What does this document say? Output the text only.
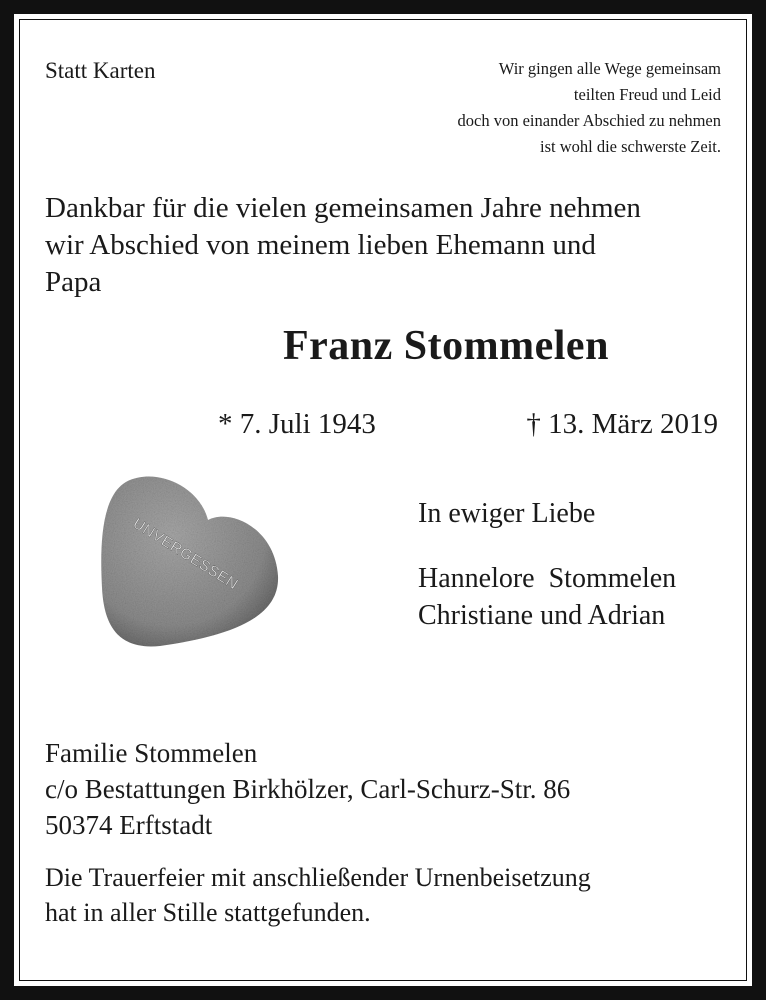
Statt Karten	Wir gingen alle Wege gemeinsam
teilten Freud und Leid
doch von einander Abschied zu nehmen
ist wohl die schwerste Zeit.
Dankbar für die vielen gemeinsamen Jahre nehmen
wir Abschied von meinem lieben Ehemann und
Papa
Franz Stommelen
* 7. Juli 1943	† 13. März 2019
UNVERGESSEN
In ewiger Liebe
Hannelore  Stommelen
Christiane und Adrian
Familie Stommelen
c/o Bestattungen Birkhölzer, Carl-Schurz-Str. 86
50374 Erftstadt
Die Trauerfeier mit anschließender Urnenbeisetzung
hat in aller Stille stattgefunden.
